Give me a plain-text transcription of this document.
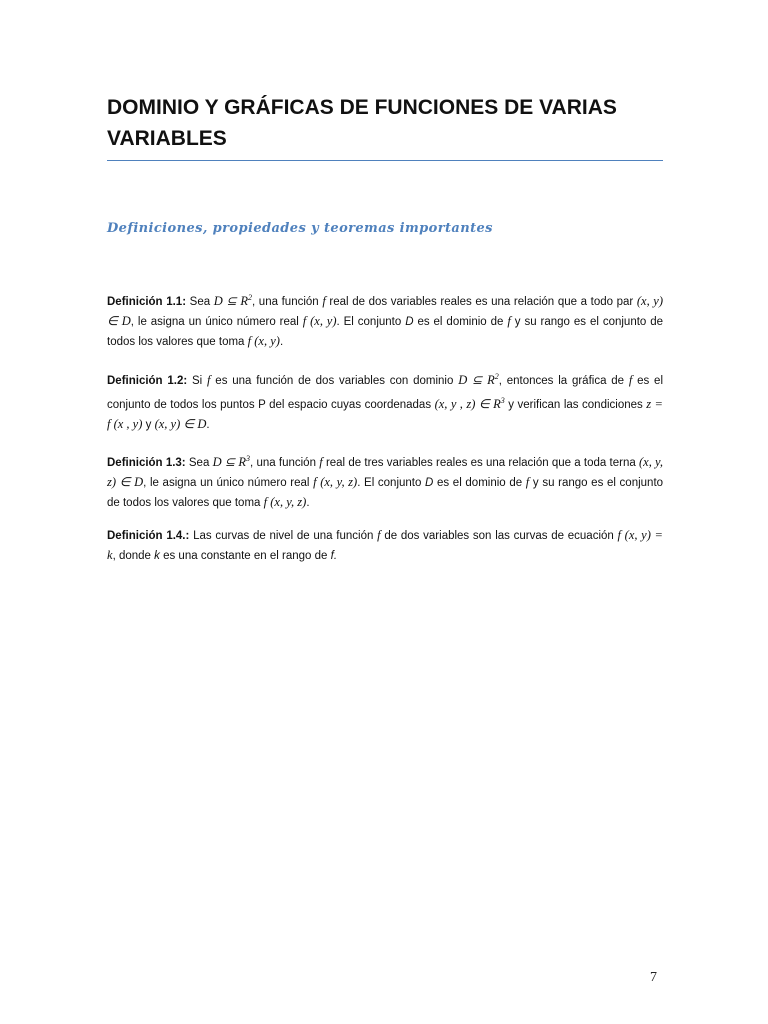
DOMINIO Y GRÁFICAS DE FUNCIONES DE VARIAS VARIABLES
Definiciones, propiedades y teoremas importantes

Definición 1.1: Sea D ⊆ $R^2$, una función f real de dos variables reales es una relación que a todo par (x, y) ∈ D, le asigna un único número real f (x, y). El conjunto D es el dominio de f y su rango es el conjunto de todos los valores que toma f (x, y).

Definición 1.2: Si f es una función de dos variables con dominio D ⊆ $R^2$, entonces la gráfica de f es el conjunto de todos los puntos P del espacio cuyas coordenadas (x, y , z) ∈ $R^3$ y verifican las condiciones z = f (x , y) y (x, y) ∈ D.

Definición 1.3: Sea D ⊆ $R^3$, una función f real de tres variables reales es una relación que a toda terna (x, y, z) ∈ D, le asigna un único número real f (x, y, z). El conjunto D es el dominio de f y su rango es el conjunto de todos los valores que toma f (x, y, z).

Definición 1.4.: Las curvas de nivel de una función f de dos variables son las curvas de ecuación f (x, y) = k, donde k es una constante en el rango de f.

7
